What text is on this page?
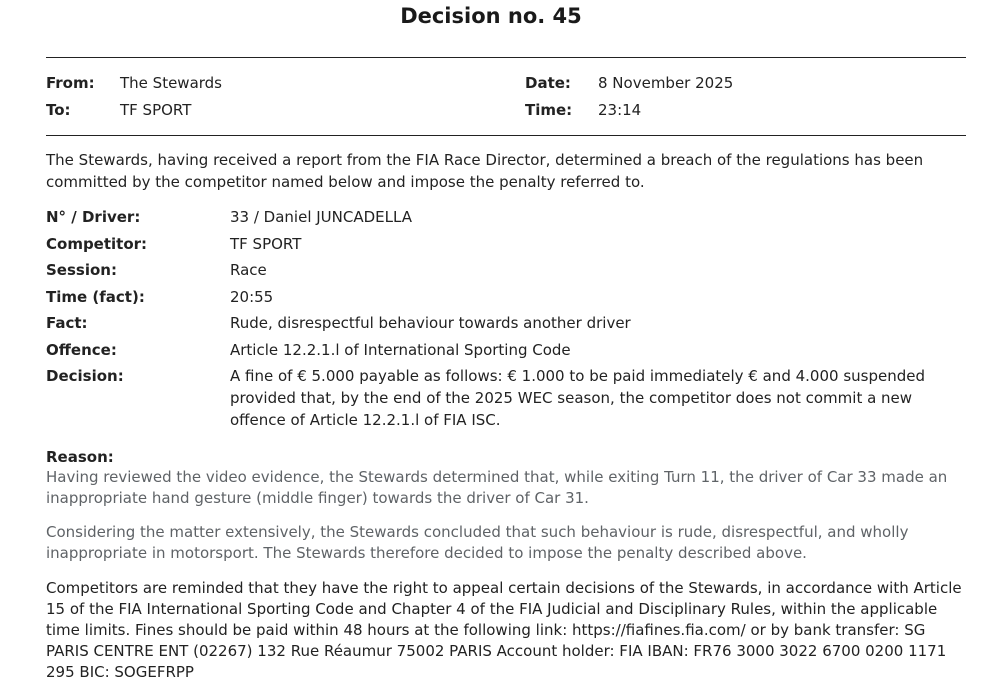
Decision no. 45
From: The Stewards	Date: 8 November 2025
To:	TF SPORT	Time: 23:14
The Stewards, having received a report from the FIA Race Director, determined a breach of the regulations has been committed by the competitor named below and impose the penalty referred to.
N° / Driver:	33 / Daniel JUNCADELLA
Competitor:	TF SPORT
Session:	Race
Time (fact):	20:55
Fact:	Rude, disrespectful behaviour towards another driver
Offence:	Article 12.2.1.l of International Sporting Code
Decision:	A fine of € 5.000 payable as follows: € 1.000 to be paid immediately € and 4.000 suspended provided that, by the end of the 2025 WEC season, the competitor does not commit a new offence of Article 12.2.1.l of FIA ISC.
Reason:
Having reviewed the video evidence, the Stewards determined that, while exiting Turn 11, the driver of Car 33 made an inappropriate hand gesture (middle finger) towards the driver of Car 31.
Considering the matter extensively, the Stewards concluded that such behaviour is rude, disrespectful, and wholly inappropriate in motorsport. The Stewards therefore decided to impose the penalty described above.
Competitors are reminded that they have the right to appeal certain decisions of the Stewards, in accordance with Article 15 of the FIA International Sporting Code and Chapter 4 of the FIA Judicial and Disciplinary Rules, within the applicable time limits. Fines should be paid within 48 hours at the following link: https://fiafines.fia.com/ or by bank transfer: SG PARIS CENTRE ENT (02267) 132 Rue Réaumur 75002 PARIS Account holder: FIA IBAN: FR76 3000 3022 6700 0200 1171 295 BIC: SOGEFRPP
